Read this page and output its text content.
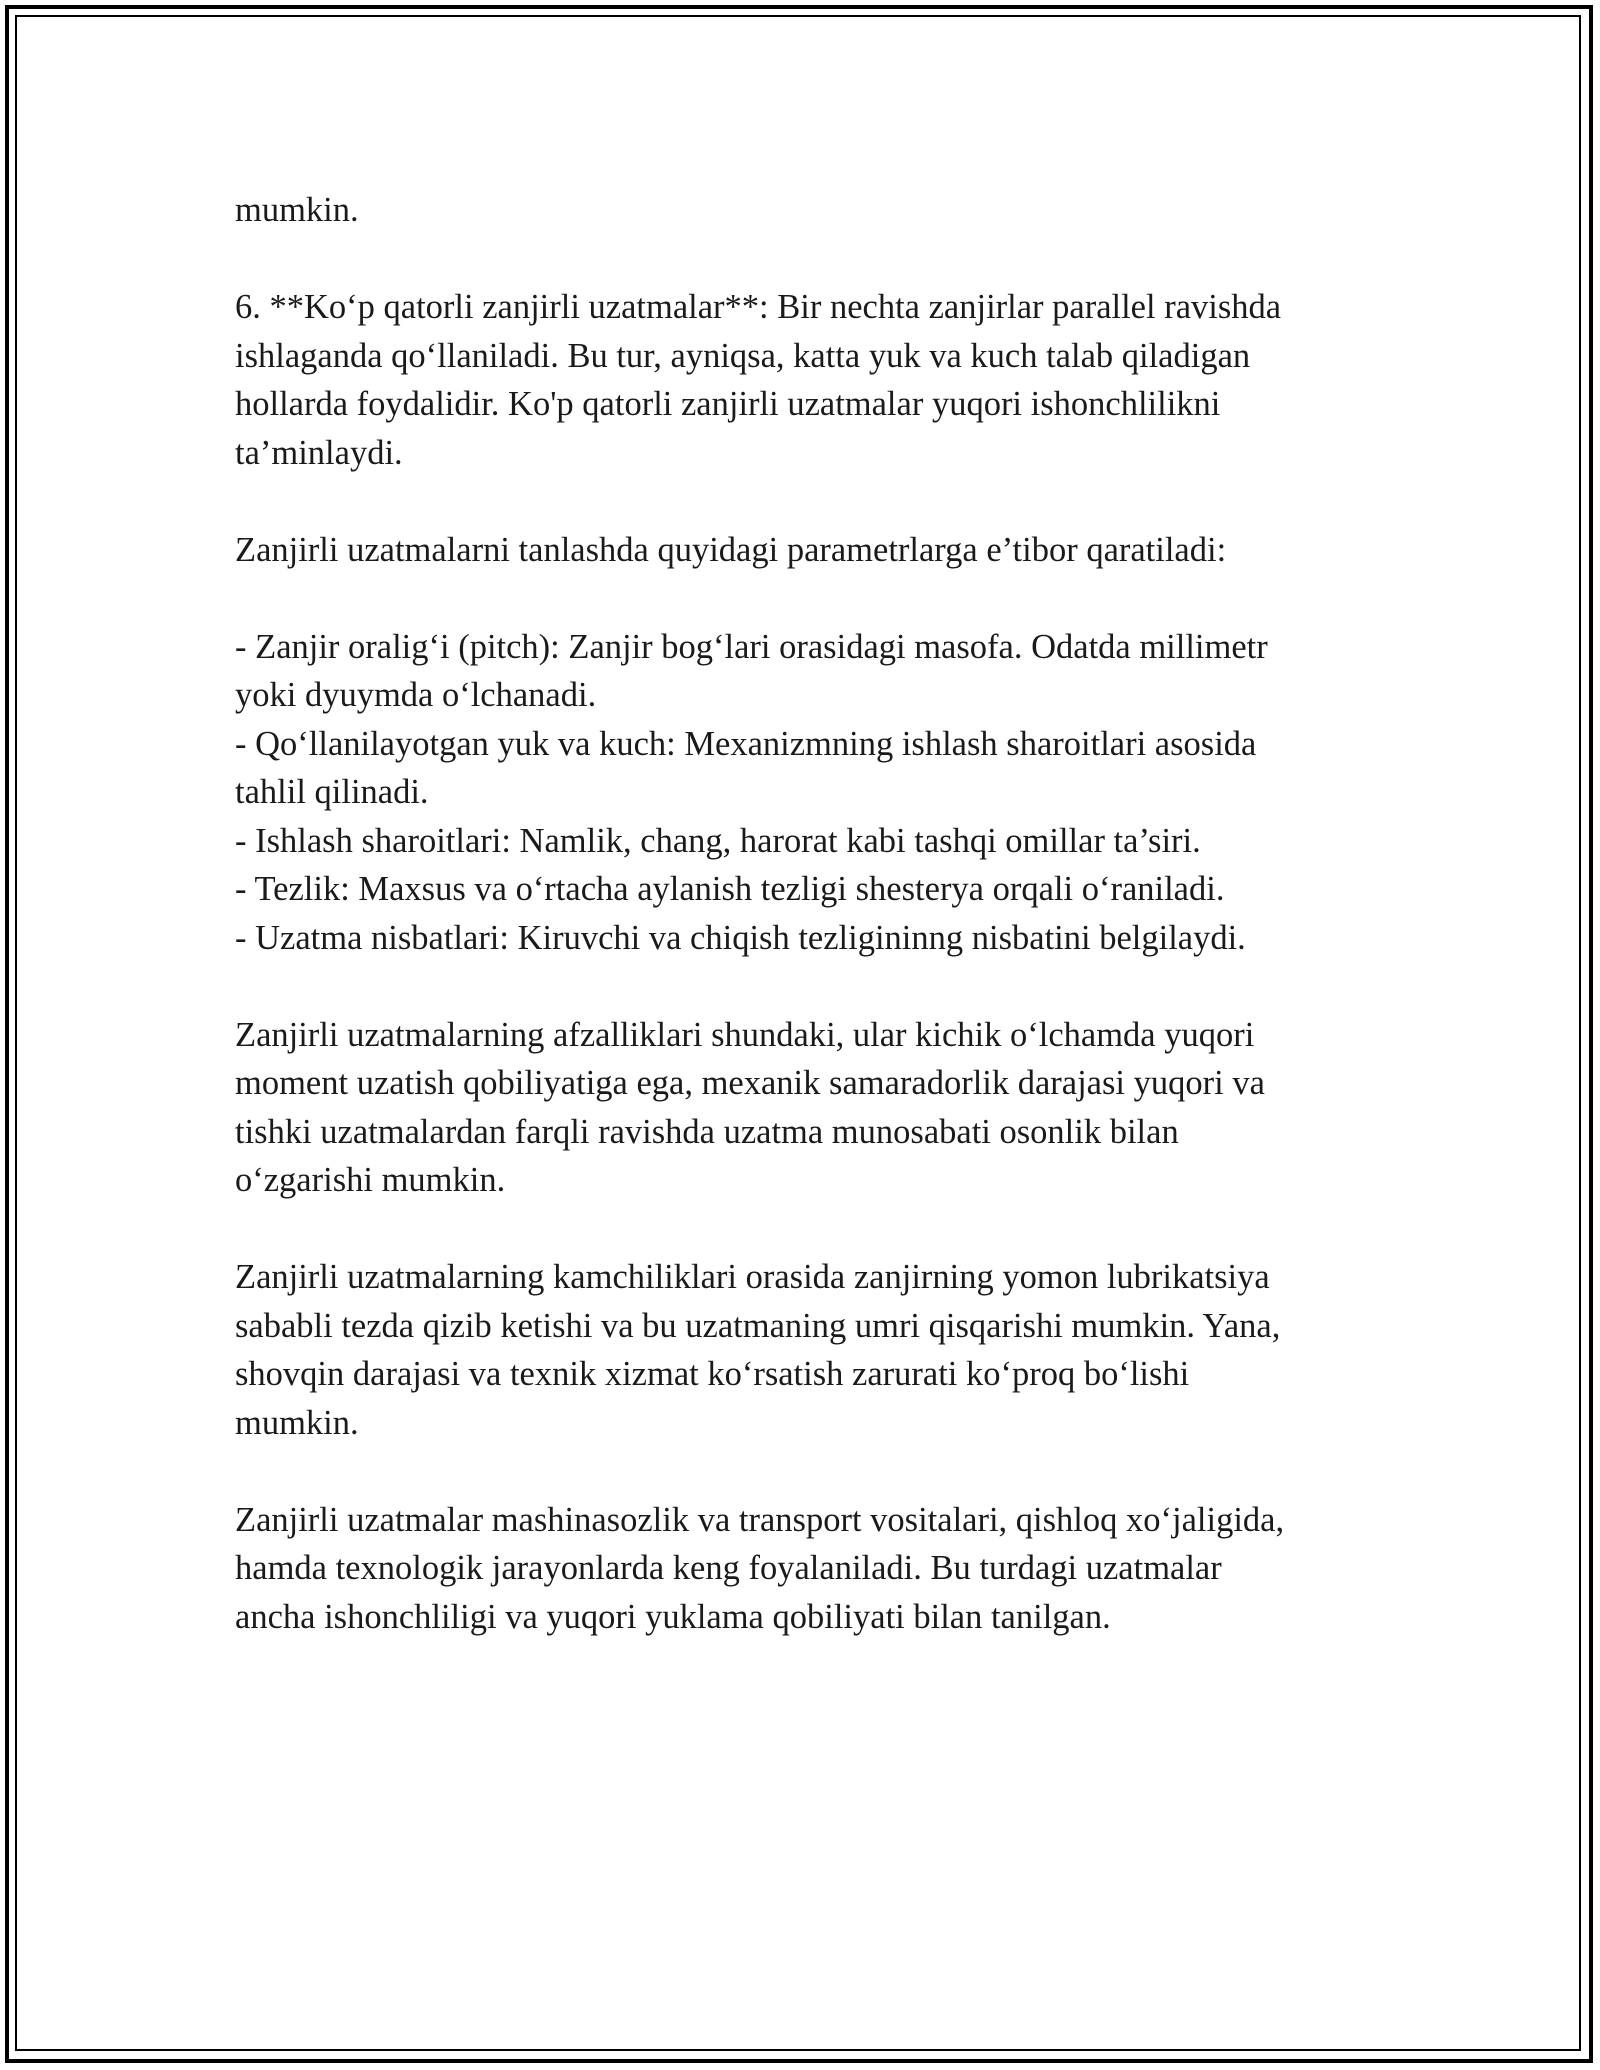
mumkin.

6. **Ko‘p qatorli zanjirli uzatmalar**: Bir nechta zanjirlar parallel ravishda
ishlaganda qo‘llaniladi. Bu tur, ayniqsa, katta yuk va kuch talab qiladigan
hollarda foydalidir. Ko'p qatorli zanjirli uzatmalar yuqori ishonchlilikni
ta’minlaydi.

Zanjirli uzatmalarni tanlashda quyidagi parametrlarga e’tibor qaratiladi:

- Zanjir oralig‘i (pitch): Zanjir bog‘lari orasidagi masofa. Odatda millimetr
yoki dyuymda o‘lchanadi.
- Qo‘llanilayotgan yuk va kuch: Mexanizmning ishlash sharoitlari asosida
tahlil qilinadi.
- Ishlash sharoitlari: Namlik, chang, harorat kabi tashqi omillar ta’siri.
- Tezlik: Maxsus va o‘rtacha aylanish tezligi shesterya orqali o‘raniladi.
- Uzatma nisbatlari: Kiruvchi va chiqish tezligininng nisbatini belgilaydi.

Zanjirli uzatmalarning afzalliklari shundaki, ular kichik o‘lchamda yuqori
moment uzatish qobiliyatiga ega, mexanik samaradorlik darajasi yuqori va
tishki uzatmalardan farqli ravishda uzatma munosabati osonlik bilan
o‘zgarishi mumkin.

Zanjirli uzatmalarning kamchiliklari orasida zanjirning yomon lubrikatsiya
sababli tezda qizib ketishi va bu uzatmaning umri qisqarishi mumkin. Yana,
shovqin darajasi va texnik xizmat ko‘rsatish zarurati ko‘proq bo‘lishi
mumkin.

Zanjirli uzatmalar mashinasozlik va transport vositalari, qishloq xo‘jaligida,
hamda texnologik jarayonlarda keng foyalaniladi. Bu turdagi uzatmalar
ancha ishonchliligi va yuqori yuklama qobiliyati bilan tanilgan.
